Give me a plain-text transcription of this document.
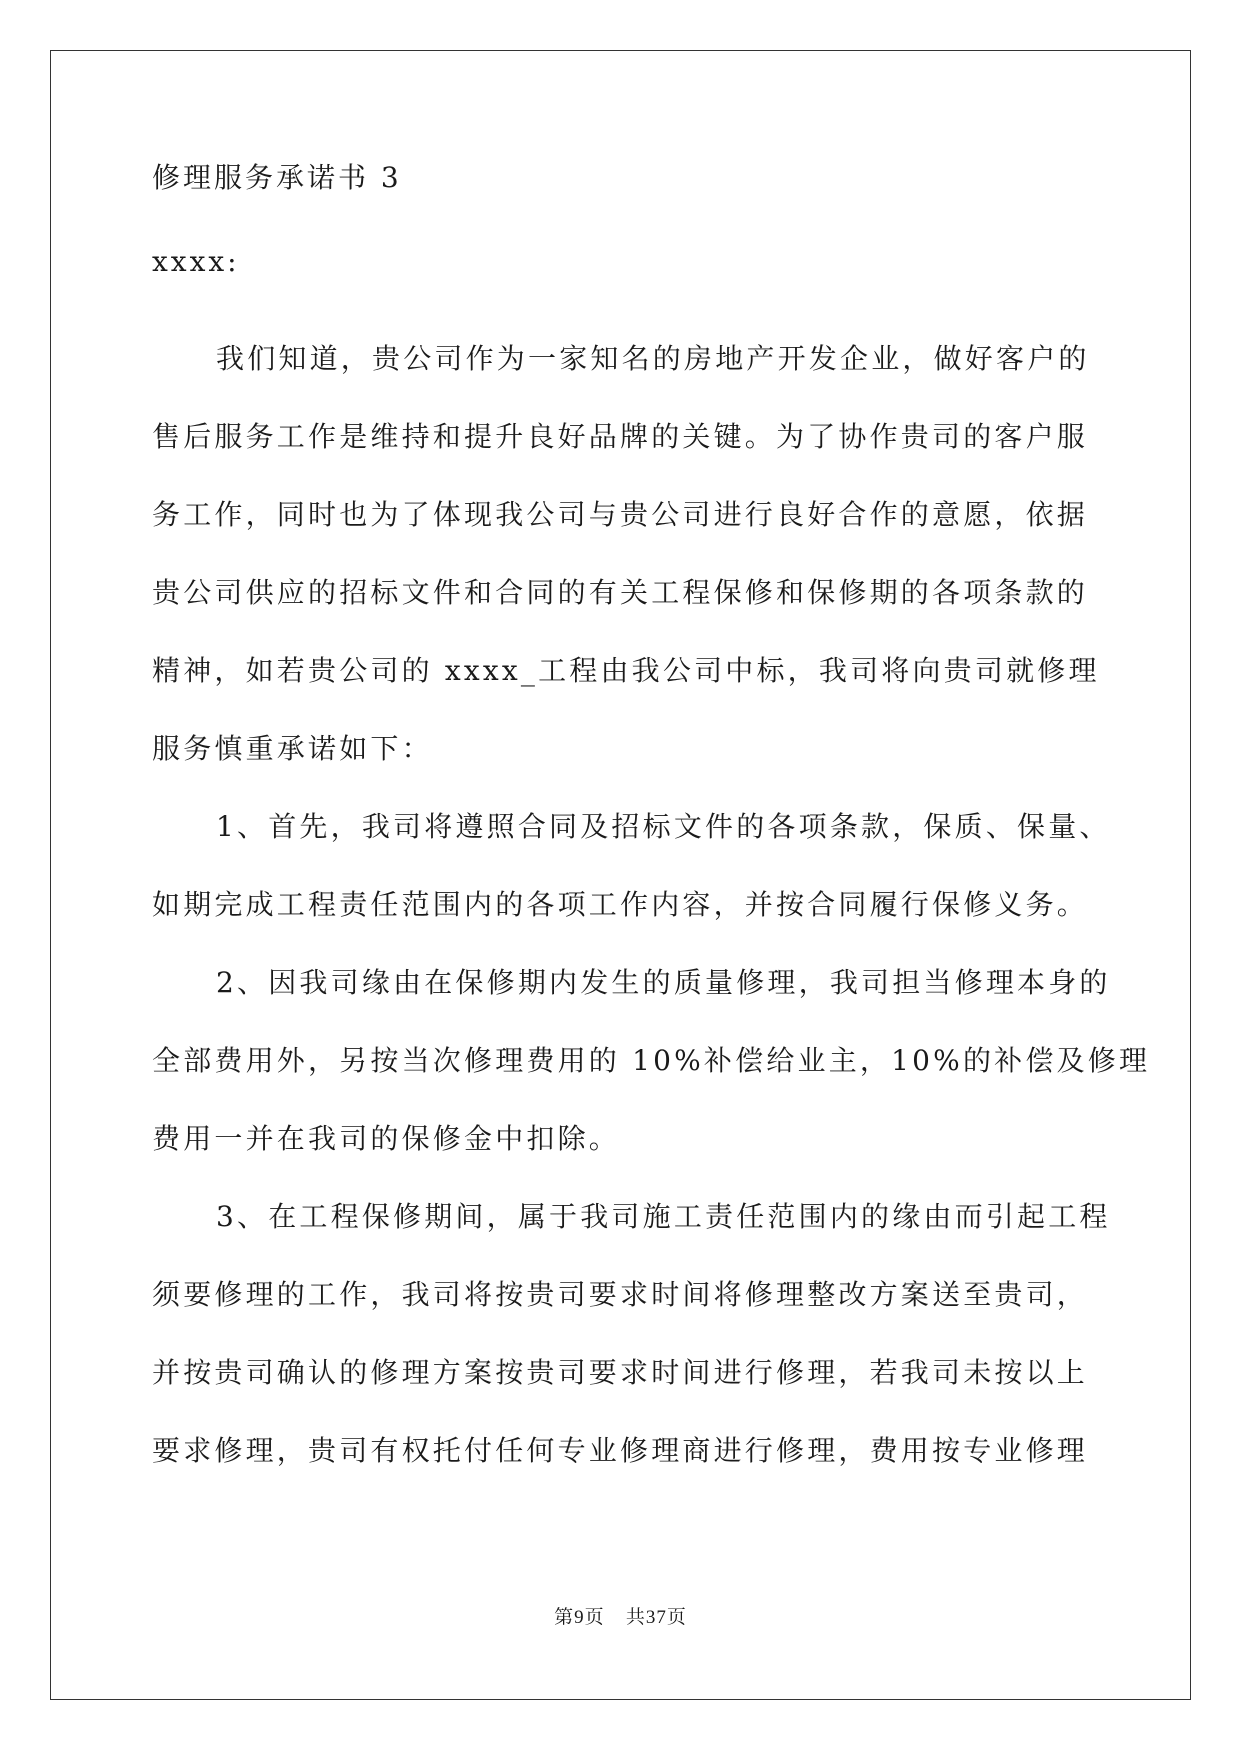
修理服务承诺书 3
xxxx:
我们知道，贵公司作为一家知名的房地产开发企业，做好客户的
售后服务工作是维持和提升良好品牌的关键。为了协作贵司的客户服
务工作，同时也为了体现我公司与贵公司进行良好合作的意愿，依据
贵公司供应的招标文件和合同的有关工程保修和保修期的各项条款的
精神，如若贵公司的 xxxx_工程由我公司中标，我司将向贵司就修理
服务慎重承诺如下：
1、首先，我司将遵照合同及招标文件的各项条款，保质、保量、
如期完成工程责任范围内的各项工作内容，并按合同履行保修义务。
2、因我司缘由在保修期内发生的质量修理，我司担当修理本身的
全部费用外，另按当次修理费用的 10%补偿给业主，10%的补偿及修理
费用一并在我司的保修金中扣除。
3、在工程保修期间，属于我司施工责任范围内的缘由而引起工程
须要修理的工作，我司将按贵司要求时间将修理整改方案送至贵司，
并按贵司确认的修理方案按贵司要求时间进行修理，若我司未按以上
要求修理，贵司有权托付任何专业修理商进行修理，费用按专业修理
第9页 共37页
